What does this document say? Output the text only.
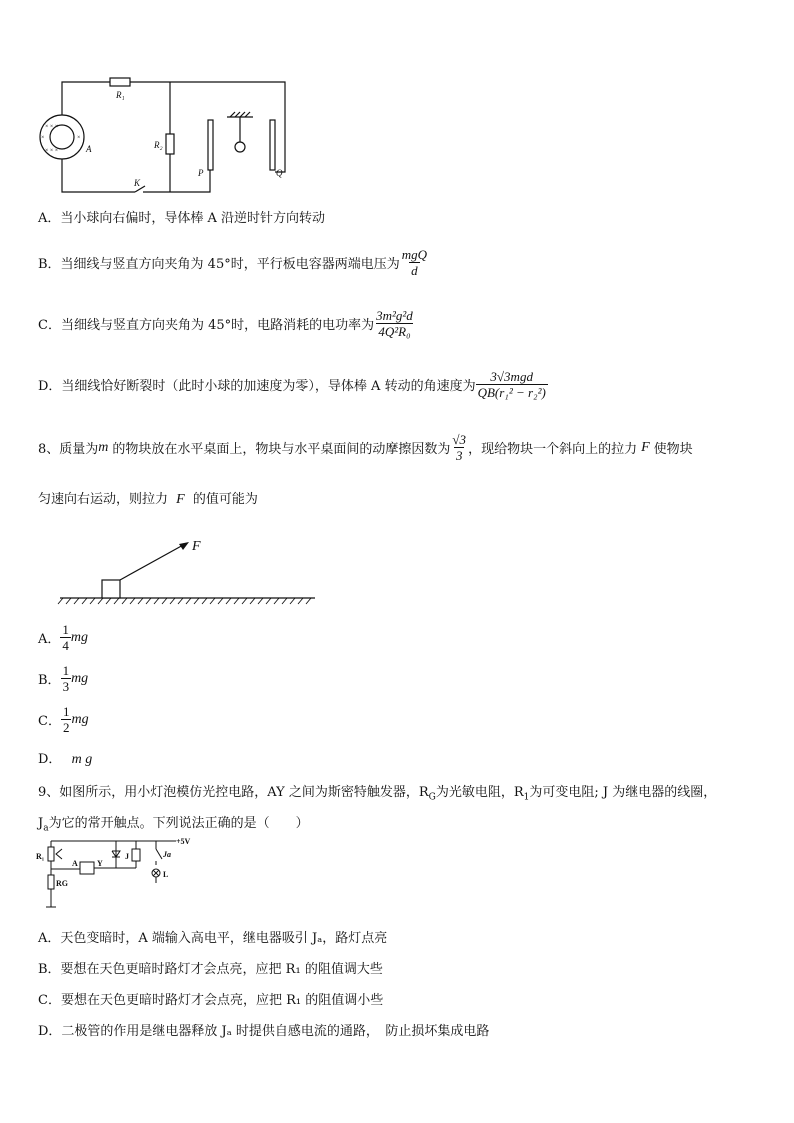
× × ×
×	×
× × ×
R₁
R₂
A
K
P	Q
A．当小球向右偏时，导体棒 A 沿逆时针方向转动
B．当细线与竖直方向夹角为 45°时，平行板电容器两端电压为 $\frac{\text{mgQ}}{d}$
C．当细线与竖直方向夹角为 45°时，电路消耗的电功率为 $\frac{\text{3m²g²d}}{\text{4Q²R₀}}$
D．当细线恰好断裂时（此时小球的加速度为零），导体棒 A 转动的角速度为 $\frac{\text{3√3mgd}}{\text{QB(r₁² − r₂²)}}$
8、质量为 m 的物块放在水平桌面上，物块与水平桌面间的动摩擦因数为 $\frac{√3}{3}$ ，现给物块一个斜向上的拉力 F 使物块
匀速向右运动，则拉力 F 的值可能为
F
A． $\frac{1}{4}$ mg
B． $\frac{1}{3}$ mg
C． $\frac{1}{2}$ mg
D． m g
9、如图所示，用小灯泡模仿光控电路，AY 之间为斯密特触发器，$R_G$为光敏电阻，$R_1$为可变电阻; J 为继电器的线圈，
$J_a$为它的常开触点。下列说法正确的是（　　）
+5V
R₁
RG
A Y
J	Ja
L
A．天色变暗时，A 端输入高电平，继电器吸引 Jₐ，路灯点亮
B．要想在天色更暗时路灯才会点亮，应把 R₁ 的阻值调大些
C．要想在天色更暗时路灯才会点亮，应把 R₁ 的阻值调小些
D．二极管的作用是继电器释放 Jₐ 时提供自感电流的通路，　防止损坏集成电路
